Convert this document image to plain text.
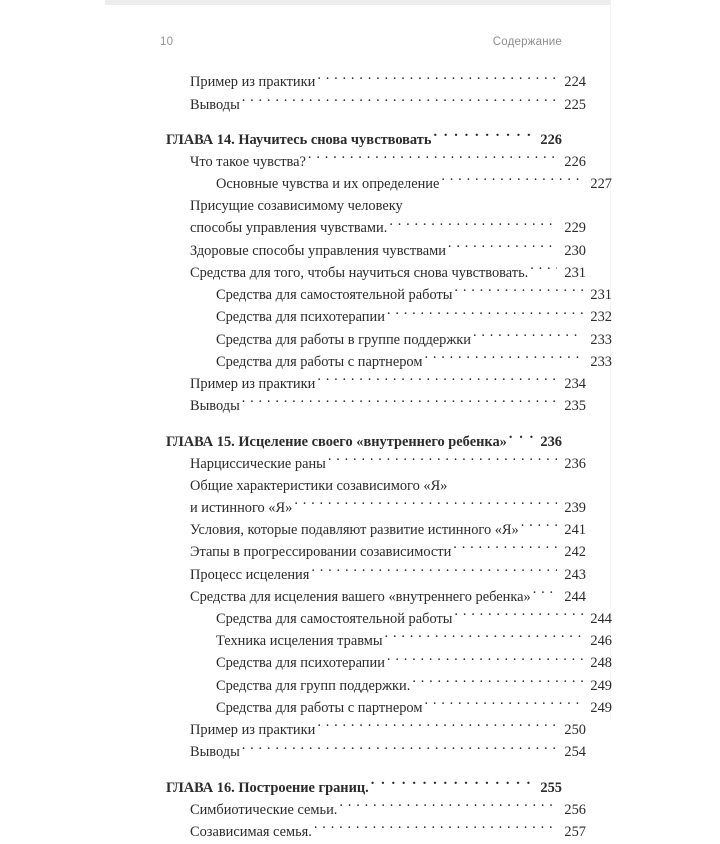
10	Содержание
Пример из практики . . .	224
Выводы . . .	225
ГЛАВА 14. Научитесь снова чувствовать . . .	226
Что такое чувства? . . .	226
Основные чувства и их определение . . .	227
Присущие созависимому человеку
способы управления чувствами. . . .	229
Здоровые способы управления чувствами . . .	230
Средства для того, чтобы научиться снова чувствовать. . . .	231
Средства для самостоятельной работы . . .	231
Средства для психотерапии . . .	232
Средства для работы в группе поддержки . . .	233
Средства для работы с партнером . . .	233
Пример из практики . . .	234
Выводы . . .	235
ГЛАВА 15. Исцеление своего «внутреннего ребенка» . . .	236
Нарциссические раны . . .	236
Общие характеристики созависимого «Я»
и истинного «Я» . . .	239
Условия, которые подавляют развитие истинного «Я» . . .	241
Этапы в прогрессировании созависимости . . .	242
Процесс исцеления . . .	243
Средства для исцеления вашего «внутреннего ребенка» . . .	244
Средства для самостоятельной работы . . .	244
Техника исцеления травмы . . .	246
Средства для психотерапии . . .	248
Средства для групп поддержки. . . .	249
Средства для работы с партнером . . .	249
Пример из практики . . .	250
Выводы . . .	254
ГЛАВА 16. Построение границ. . . .	255
Симбиотические семьи. . . .	256
Созависимая семья. . . .	257
